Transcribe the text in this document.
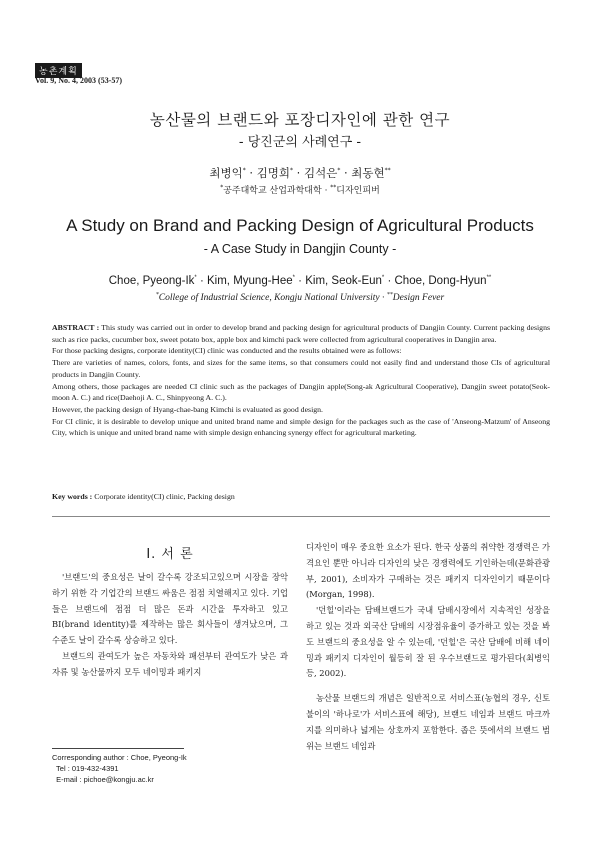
농촌계획
Vol. 9, No. 4, 2003 (53-57)
농산물의 브랜드와 포장디자인에 관한 연구
- 당진군의 사례연구 -
최병익* · 김명희* · 김석은* · 최동현**
*공주대학교 산업과학대학 · **디자인피버
A Study on Brand and Packing Design of Agricultural Products
- A Case Study in Dangjin County -
Choe, Pyeong-Ik* · Kim, Myung-Hee* · Kim, Seok-Eun* · Choe, Dong-Hyun**
*College of Industrial Science, Kongju National University · **Design Fever

ABSTRACT : This study was carried out in order to develop brand and packing design for agricultural products of Dangjin County. Current packing designs such as rice packs, cucumber box, sweet potato box, apple box and kimchi pack were collected from agricultural cooperatives in Dangjin area.

For those packing designs, corporate identity(CI) clinic was conducted and the results obtained were as follows:

There are varieties of names, colors, fonts, and sizes for the same items, so that consumers could not easily find and understand those CIs of agricultural products in Dangjin County.

Among others, those packages are needed CI clinic such as the packages of Dangjin apple(Song-ak Agricultural Cooperative), Dangjin sweet potato(Seok-moon A. C.) and rice(Daehoji A. C., Shinpyeong A. C.).

However, the packing design of Hyang-chae-bang Kimchi is evaluated as good design.

For CI clinic, it is desirable to develop unique and united brand name and simple design for the packages such as the case of 'Anseong-Matzum' of Anseong City, which is unique and united brand name with simple design enhancing synergy effect for agricultural marketing.

Key words : Corporate identity(CI) clinic, Packing design
I. 서 론

'브랜드'의 중요성은 날이 갈수록 강조되고있으며 시장을 장악하기 위한 각 기업간의 브랜드 싸움은 점점 치열해지고 있다. 기업들은 브랜드에 점점 더 많은 돈과 시간을 투자하고 있고 BI(brand identity)를 제작하는 많은 회사들이 생겨났으며, 그 수준도 날이 갈수록 상승하고 있다.

브랜드의 관여도가 높은 자동차와 패션부터 관여도가 낮은 과자류 및 농산물까지 모두 네이밍과 패키지

디자인이 매우 중요한 요소가 된다. 한국 상품의 취약한 경쟁력은 가격요인 뿐만 아니라 디자인의 낮은 경쟁력에도 기인하는데(문화관광부, 2001), 소비자가 구매하는 것은 패키지 디자인이기 때문이다(Morgan, 1998).

'던힐'이라는 담배브랜드가 국내 담배시장에서 지속적인 성장을 하고 있는 것과 외국산 담배의 시장점유율이 증가하고 있는 것을 봐도 브랜드의 중요성을 알 수 있는데, '던힐'은 국산 담배에 비해 네이밍과 패키지 디자인이 월등히 잘 된 우수브랜드로 평가된다(최병익 등, 2002).

농산물 브랜드의 개념은 일반적으로 서비스표(농협의 경우, 신토불이의 '하나로'가 서비스표에 해당), 브랜드 네임과 브랜드 마크까지를 의미하나 넓게는 상호까지 포함한다. 좁은 뜻에서의 브랜드 범위는 브랜드 네임과

Corresponding author : Choe, Pyeong-Ik
Tel : 019-432-4391
E-mail : pichoe@kongju.ac.kr
